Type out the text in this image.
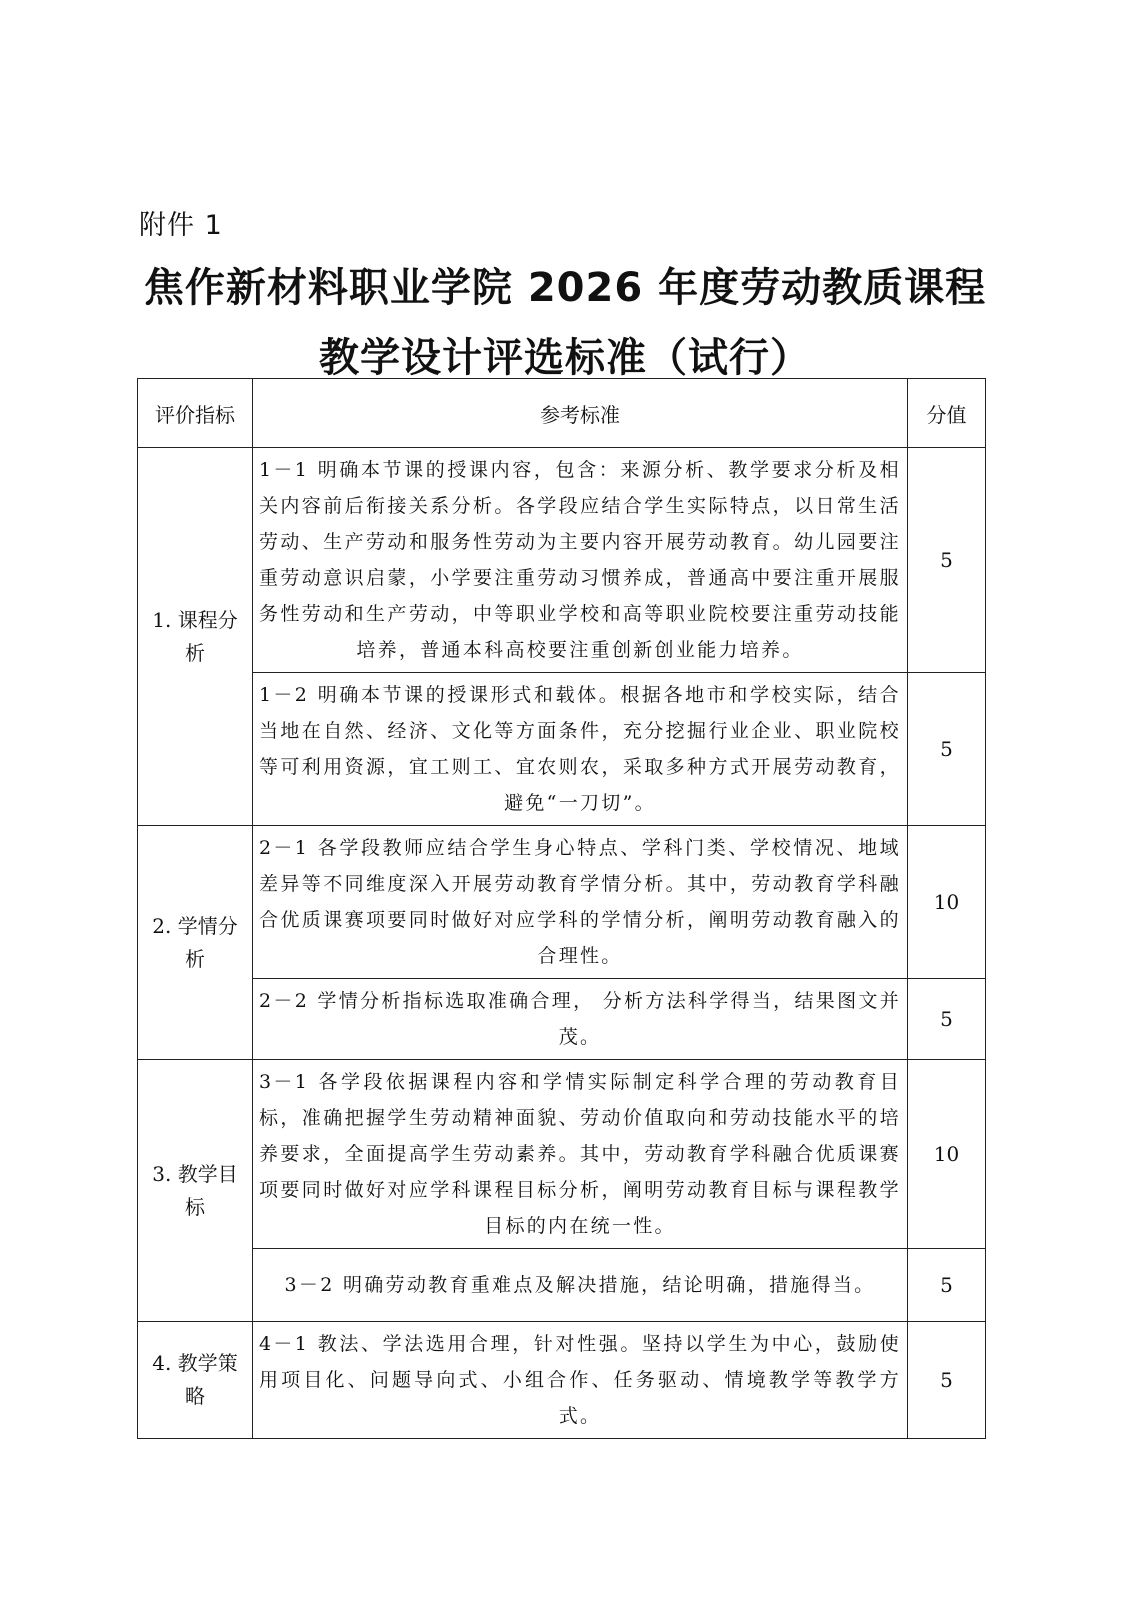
附件 1
焦作新材料职业学院 2026 年度劳动教质课程
教学设计评选标准（试行）
评价指标	参考标准	分值
1. 课程分析	1－1 明确本节课的授课内容，包含：来源分析、教学要求分析及相关内容前后衔接关系分析。各学段应结合学生实际特点，以日常生活劳动、生产劳动和服务性劳动为主要内容开展劳动教育。幼儿园要注重劳动意识启蒙，小学要注重劳动习惯养成，普通高中要注重开展服务性劳动和生产劳动，中等职业学校和高等职业院校要注重劳动技能培养，普通本科高校要注重创新创业能力培养。	5
	1－2 明确本节课的授课形式和载体。根据各地市和学校实际，结合当地在自然、经济、文化等方面条件，充分挖掘行业企业、职业院校等可利用资源，宜工则工、宜农则农，采取多种方式开展劳动教育，避免“一刀切”。	5
2. 学情分析	2－1 各学段教师应结合学生身心特点、学科门类、学校情况、地域差异等不同维度深入开展劳动教育学情分析。其中，劳动教育学科融合优质课赛项要同时做好对应学科的学情分析，阐明劳动教育融入的合理性。	10
	2－2 学情分析指标选取准确合理， 分析方法科学得当，结果图文并茂。	5
3. 教学目标	3－1 各学段依据课程内容和学情实际制定科学合理的劳动教育目标，准确把握学生劳动精神面貌、劳动价值取向和劳动技能水平的培养要求，全面提高学生劳动素养。其中，劳动教育学科融合优质课赛项要同时做好对应学科课程目标分析，阐明劳动教育目标与课程教学目标的内在统一性。	10
	3－2 明确劳动教育重难点及解决措施，结论明确，措施得当。	5
4. 教学策略	4－1 教法、学法选用合理，针对性强。坚持以学生为中心，鼓励使用项目化、问题导向式、小组合作、任务驱动、情境教学等教学方式。	5
